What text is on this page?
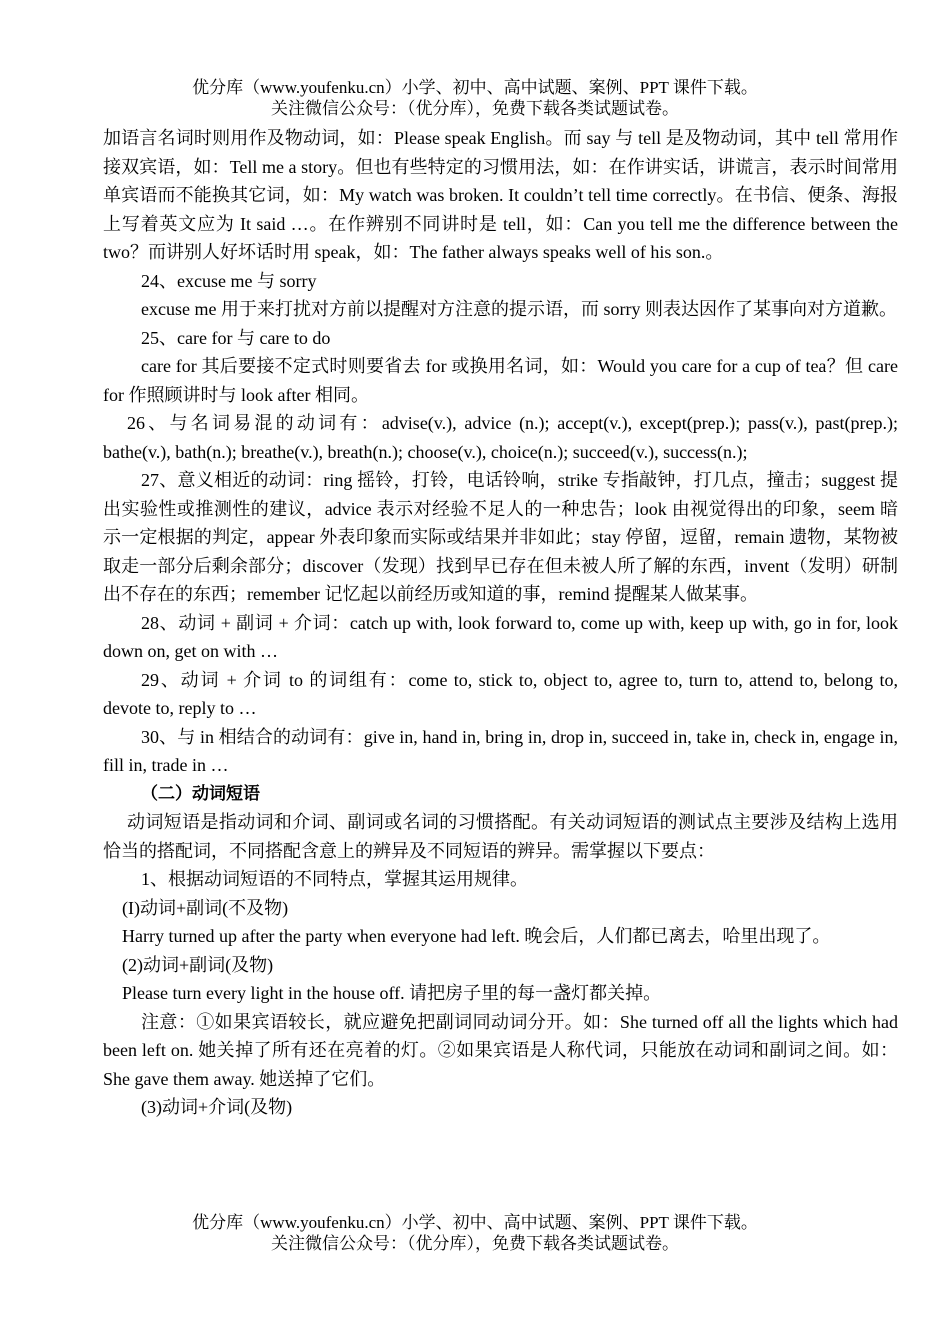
优分库（www.youfenku.cn）小学、初中、高中试题、案例、PPT 课件下载。
关注微信公众号：（优分库），免费下载各类试题试卷。

加语言名词时则用作及物动词，如：Please speak English。而 say 与 tell 是及物动词，其中 tell 常用作接双宾语，如：Tell me a story。但也有些特定的习惯用法，如：在作讲实话，讲谎言，表示时间常用单宾语而不能换其它词，如：My watch was broken. It couldn’t tell time correctly。在书信、便条、海报上写着英文应为 It said …。在作辨别不同讲时是 tell，如：Can you tell me the difference between the two？而讲别人好坏话时用 speak，如：The father always speaks well of his son.。

24、excuse me 与 sorry

excuse me 用于来打扰对方前以提醒对方注意的提示语，而 sorry 则表达因作了某事向对方道歉。

25、care for 与 care to do

care for 其后要接不定式时则要省去 for 或换用名词，如：Would you care for a cup of tea？但 care for 作照顾讲时与 look after 相同。

26、与名词易混的动词有：advise(v.), advice (n.); accept(v.), except(prep.); pass(v.), past(prep.); bathe(v.), bath(n.); breathe(v.), breath(n.); choose(v.), choice(n.); succeed(v.), success(n.);

27、意义相近的动词：ring 摇铃，打铃，电话铃响，strike 专指敲钟，打几点，撞击；suggest 提出实验性或推测性的建议，advice 表示对经验不足人的一种忠告；look 由视觉得出的印象，seem 暗示一定根据的判定，appear 外表印象而实际或结果并非如此；stay 停留，逗留，remain 遗物，某物被取走一部分后剩余部分；discover（发现）找到早已存在但未被人所了解的东西，invent（发明）研制出不存在的东西；remember 记忆起以前经历或知道的事，remind 提醒某人做某事。

28、动词 + 副词 + 介词：catch up with, look forward to, come up with, keep up with, go in for, look down on, get on with …

29、动词 + 介词 to 的词组有：come to, stick to, object to, agree to, turn to, attend to, belong to, devote to, reply to …

30、与 in 相结合的动词有：give in, hand in, bring in, drop in, succeed in, take in, check in, engage in, fill in, trade in …

（二）动词短语

动词短语是指动词和介词、副词或名词的习惯搭配。有关动词短语的测试点主要涉及结构上选用恰当的搭配词，不同搭配含意上的辨异及不同短语的辨异。需掌握以下要点：

1、根据动词短语的不同特点，掌握其运用规律。

(I)动词+副词(不及物)

Harry turned up after the party when everyone had left. 晚会后，人们都已离去，哈里出现了。

(2)动词+副词(及物)

Please turn every light in the house off. 请把房子里的每一盏灯都关掉。

注意：①如果宾语较长，就应避免把副词同动词分开。如：She turned off all the lights which had been left on. 她关掉了所有还在亮着的灯。②如果宾语是人称代词，只能放在动词和副词之间。如：She gave them away. 她送掉了它们。

(3)动词+介词(及物)

优分库（www.youfenku.cn）小学、初中、高中试题、案例、PPT 课件下载。
关注微信公众号：（优分库），免费下载各类试题试卷。
